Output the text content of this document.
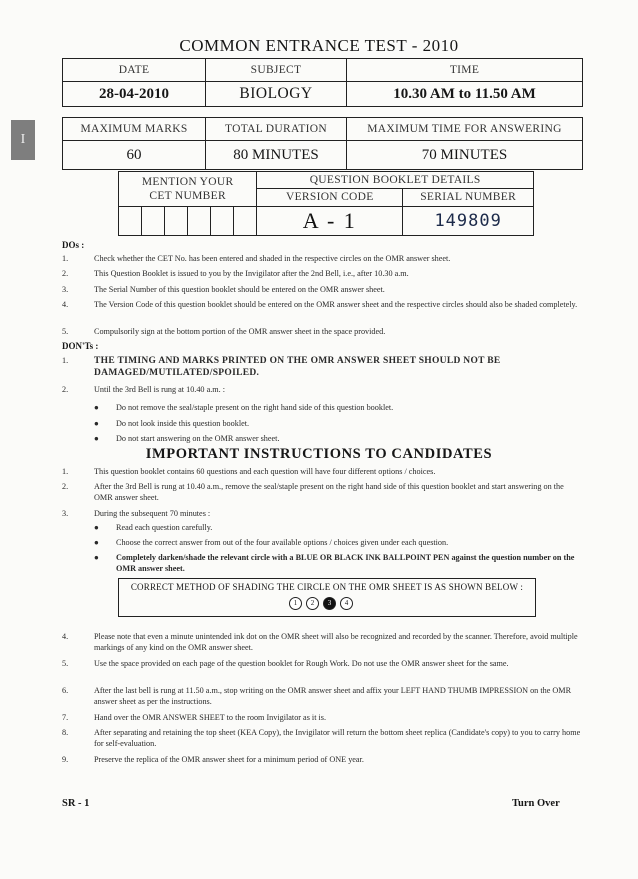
COMMON ENTRANCE TEST - 2010
DATE	SUBJECT	TIME
28-04-2010	BIOLOGY	10.30 AM to 11.50 AM
I
MAXIMUM MARKS	TOTAL DURATION	MAXIMUM TIME FOR ANSWERING
60	80 MINUTES	70 MINUTES
MENTION YOUR CET NUMBER						QUESTION BOOKLET DETAILS	
						VERSION CODE	SERIAL NUMBER
						A - 1	149809
DOs :
1.	Check whether the CET No. has been entered and shaded in the respective circles on the OMR answer sheet.
2.	This Question Booklet is issued to you by the Invigilator after the 2nd Bell, i.e., after 10.30 a.m.
3.	The Serial Number of this question booklet should be entered on the OMR answer sheet.
4.	The Version Code of this question booklet should be entered on the OMR answer sheet and the respective circles should also be shaded completely.
5.	Compulsorily sign at the bottom portion of the OMR answer sheet in the space provided.
DON'Ts :
1.	THE TIMING AND MARKS PRINTED ON THE OMR ANSWER SHEET SHOULD NOT BE DAMAGED/MUTILATED/SPOILED.
2.	Until the 3rd Bell is rung at 10.40 a.m. :
● Do not remove the seal/staple present on the right hand side of this question booklet.
● Do not look inside this question booklet.
● Do not start answering on the OMR answer sheet.
IMPORTANT INSTRUCTIONS TO CANDIDATES
1.	This question booklet contains 60 questions and each question will have four different options / choices.
2.	After the 3rd Bell is rung at 10.40 a.m., remove the seal/staple present on the right hand side of this question booklet and start answering on the OMR answer sheet.
3.	During the subsequent 70 minutes :
● Read each question carefully.
● Choose the correct answer from out of the four available options / choices given under each question.
● Completely darken/shade the relevant circle with a BLUE OR BLACK INK BALLPOINT PEN against the question number on the OMR answer sheet.
CORRECT METHOD OF SHADING THE CIRCLE ON THE OMR SHEET IS AS SHOWN BELOW :
1	2	3	4
4.	Please note that even a minute unintended ink dot on the OMR sheet will also be recognized and recorded by the scanner. Therefore, avoid multiple markings of any kind on the OMR answer sheet.
5.	Use the space provided on each page of the question booklet for Rough Work. Do not use the OMR answer sheet for the same.
6.	After the last bell is rung at 11.50 a.m., stop writing on the OMR answer sheet and affix your LEFT HAND THUMB IMPRESSION on the OMR answer sheet as per the instructions.
7.	Hand over the OMR ANSWER SHEET to the room Invigilator as it is.
8.	After separating and retaining the top sheet (KEA Copy), the Invigilator will return the bottom sheet replica (Candidate's copy) to you to carry home for self-evaluation.
9.	Preserve the replica of the OMR answer sheet for a minimum period of ONE year.
SR - 1	Turn Over
